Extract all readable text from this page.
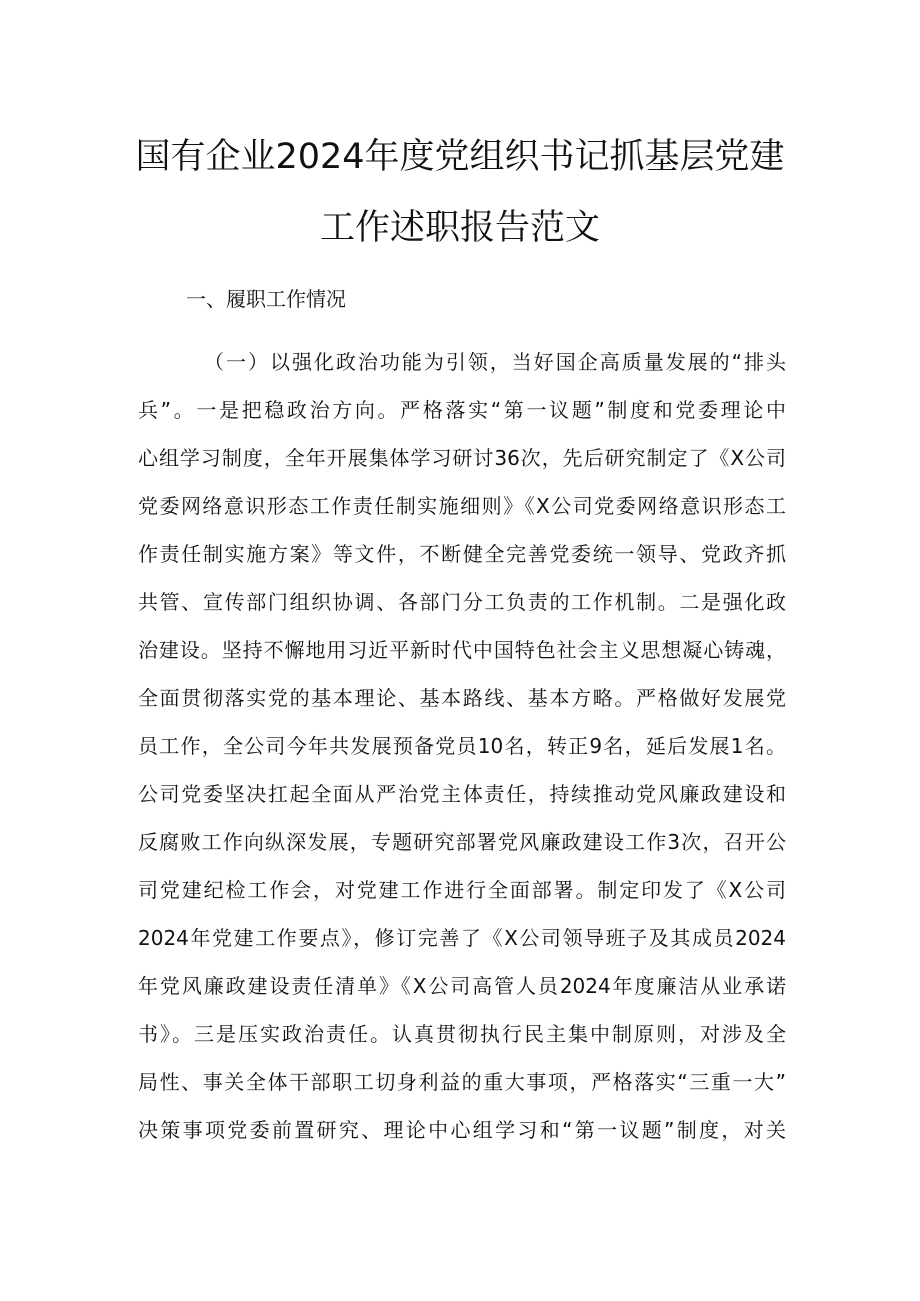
国有企业2024年度党组织书记抓基层党建
工作述职报告范文

一、履职工作情况

（一）以强化政治功能为引领，当好国企高质量发展的“排头
兵”。一是把稳政治方向。严格落实“第一议题”制度和党委理论中
心组学习制度，全年开展集体学习研讨36次，先后研究制定了《X公司
党委网络意识形态工作责任制实施细则》《X公司党委网络意识形态工
作责任制实施方案》等文件，不断健全完善党委统一领导、党政齐抓
共管、宣传部门组织协调、各部门分工负责的工作机制。二是强化政
治建设。坚持不懈地用习近平新时代中国特色社会主义思想凝心铸魂，
全面贯彻落实党的基本理论、基本路线、基本方略。严格做好发展党
员工作，全公司今年共发展预备党员10名，转正9名，延后发展1名。
公司党委坚决扛起全面从严治党主体责任，持续推动党风廉政建设和
反腐败工作向纵深发展，专题研究部署党风廉政建设工作3次，召开公
司党建纪检工作会，对党建工作进行全面部署。制定印发了《X公司
2024年党建工作要点》，修订完善了《X公司领导班子及其成员2024
年党风廉政建设责任清单》《X公司高管人员2024年度廉洁从业承诺
书》。三是压实政治责任。认真贯彻执行民主集中制原则，对涉及全
局性、事关全体干部职工切身利益的重大事项，严格落实“三重一大”
决策事项党委前置研究、理论中心组学习和“第一议题”制度，对关
